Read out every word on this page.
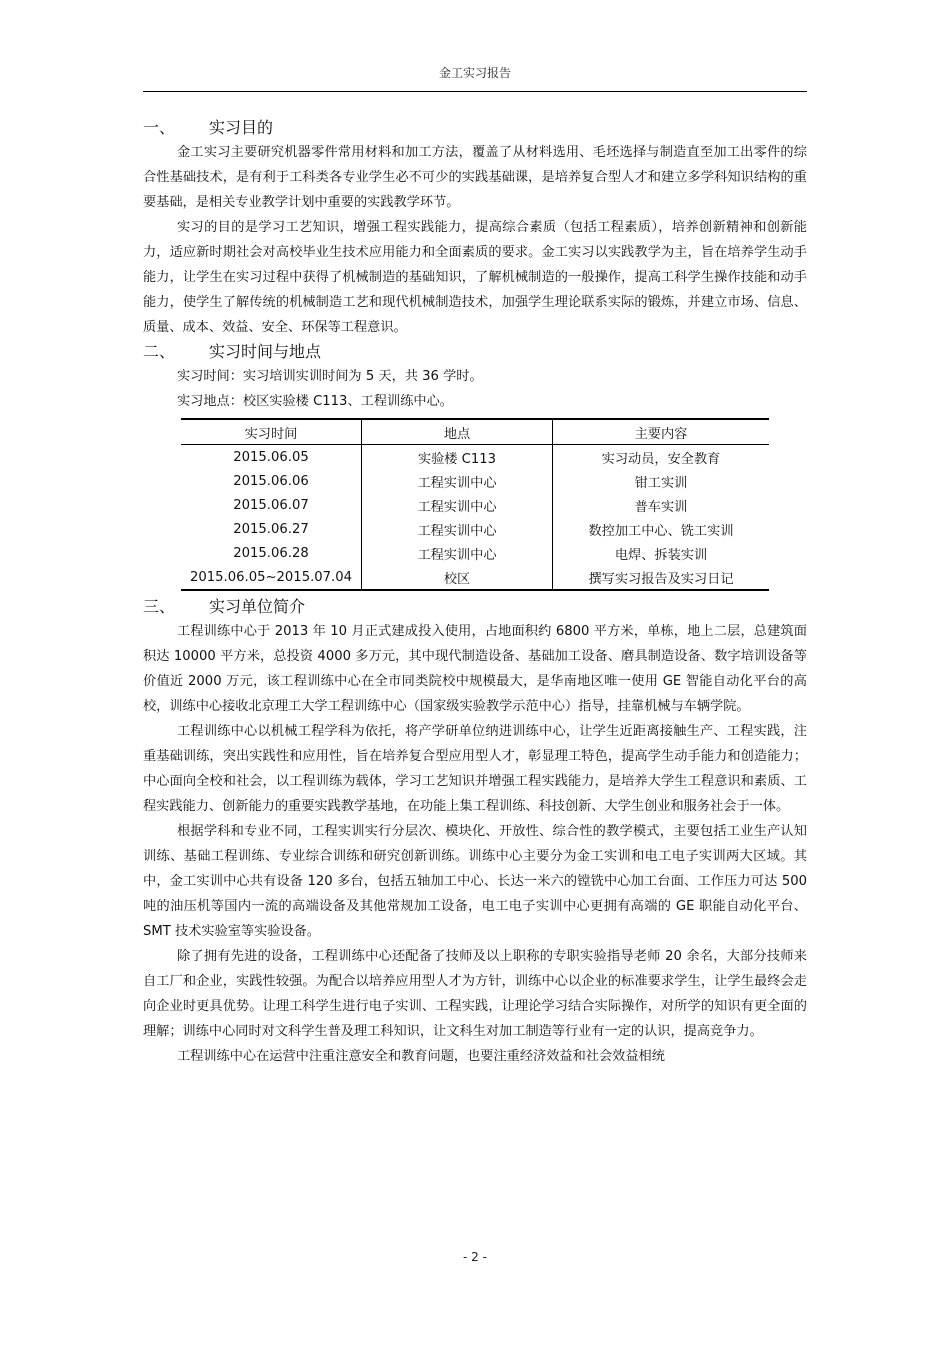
金工实习报告
一、 实习目的

金工实习主要研究机器零件常用材料和加工方法，覆盖了从材料选用、毛坯选择与制造直至加工出零件的综合性基础技术，是有利于工科类各专业学生必不可少的实践基础课，是培养复合型人才和建立多学科知识结构的重要基础，是相关专业教学计划中重要的实践教学环节。

实习的目的是学习工艺知识，增强工程实践能力，提高综合素质（包括工程素质），培养创新精神和创新能力，适应新时期社会对高校毕业生技术应用能力和全面素质的要求。金工实习以实践教学为主，旨在培养学生动手能力，让学生在实习过程中获得了机械制造的基础知识，了解机械制造的一般操作，提高工科学生操作技能和动手能力，使学生了解传统的机械制造工艺和现代机械制造技术，加强学生理论联系实际的锻炼，并建立市场、信息、质量、成本、效益、安全、环保等工程意识。

二、 实习时间与地点

实习时间：实习培训实训时间为 5 天，共 36 学时。

实习地点：校区实验楼 C113、工程训练中心。

实习时间	地点	主要内容
2015.06.05	实验楼 C113	实习动员，安全教育
2015.06.06	工程实训中心	钳工实训
2015.06.07	工程实训中心	普车实训
2015.06.27	工程实训中心	数控加工中心、铣工实训
2015.06.28	工程实训中心	电焊、拆装实训
2015.06.05~2015.07.04	校区	撰写实习报告及实习日记
三、 实习单位简介

工程训练中心于 2013 年 10 月正式建成投入使用，占地面积约 6800 平方米，单栋，地上二层，总建筑面积达 10000 平方米，总投资 4000 多万元，其中现代制造设备、基础加工设备、磨具制造设备、数字培训设备等价值近 2000 万元，该工程训练中心在全市同类院校中规模最大，是华南地区唯一使用 GE 智能自动化平台的高校，训练中心接收北京理工大学工程训练中心（国家级实验教学示范中心）指导，挂靠机械与车辆学院。

工程训练中心以机械工程学科为依托，将产学研单位纳进训练中心，让学生近距离接触生产、工程实践，注重基础训练，突出实践性和应用性，旨在培养复合型应用型人才，彰显理工特色，提高学生动手能力和创造能力；中心面向全校和社会，以工程训练为载体，学习工艺知识并增强工程实践能力，是培养大学生工程意识和素质、工程实践能力、创新能力的重要实践教学基地，在功能上集工程训练、科技创新、大学生创业和服务社会于一体。

根据学科和专业不同，工程实训实行分层次、模块化、开放性、综合性的教学模式，主要包括工业生产认知训练、基础工程训练、专业综合训练和研究创新训练。训练中心主要分为金工实训和电工电子实训两大区域。其中，金工实训中心共有设备 120 多台，包括五轴加工中心、长达一米六的镗铣中心加工台面、工作压力可达 500 吨的油压机等国内一流的高端设备及其他常规加工设备，电工电子实训中心更拥有高端的 GE 职能自动化平台、SMT 技术实验室等实验设备。

除了拥有先进的设备，工程训练中心还配备了技师及以上职称的专职实验指导老师 20 余名，大部分技师来自工厂和企业，实践性较强。为配合以培养应用型人才为方针，训练中心以企业的标准要求学生，让学生最终会走向企业时更具优势。让理工科学生进行电子实训、工程实践，让理论学习结合实际操作，对所学的知识有更全面的理解；训练中心同时对文科学生普及理工科知识，让文科生对加工制造等行业有一定的认识，提高竞争力。

工程训练中心在运营中注重注意安全和教育问题，也要注重经济效益和社会效益相统

- 2 -
